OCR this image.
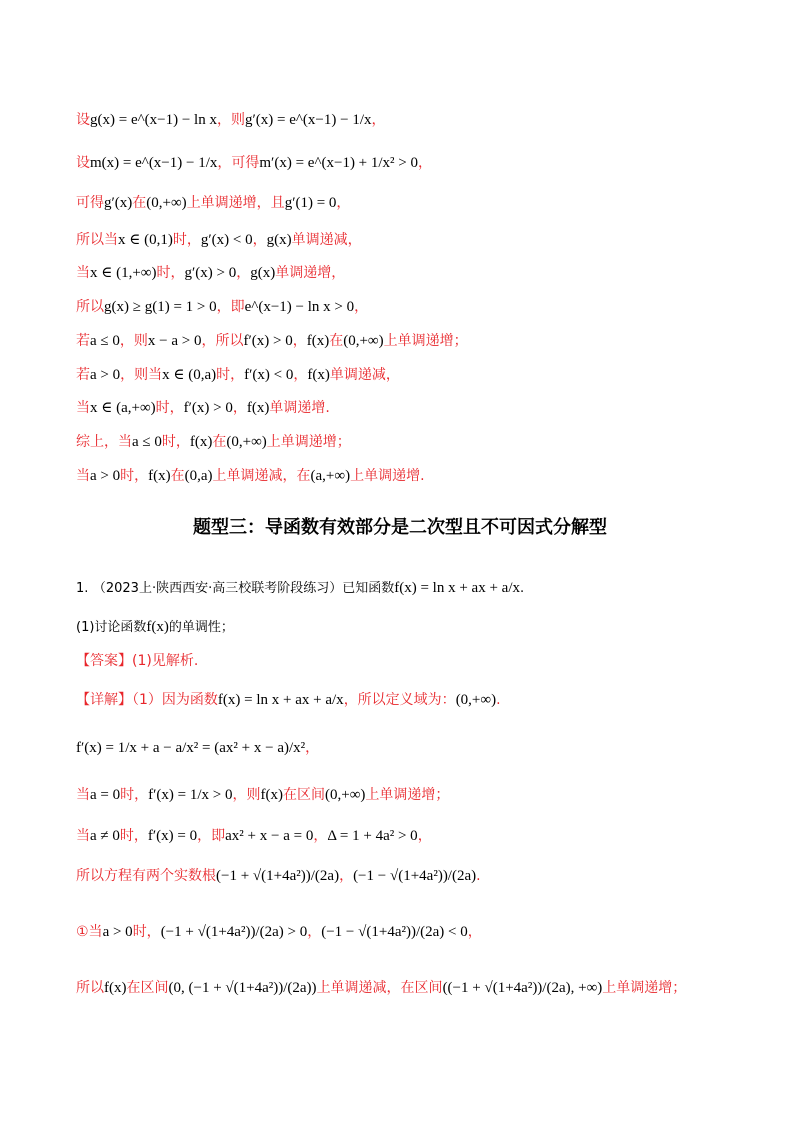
设g(x) = e^(x−1) − ln x，则g′(x) = e^(x−1) − 1/x，
设m(x) = e^(x−1) − 1/x，可得m′(x) = e^(x−1) + 1/x² > 0，
可得g′(x)在(0,+∞)上单调递增，且g′(1) = 0，
所以当x ∈ (0,1)时，g′(x) < 0，g(x)单调递减，
当x ∈ (1,+∞)时，g′(x) > 0，g(x)单调递增，
所以g(x) ≥ g(1) = 1 > 0，即e^(x−1) − ln x > 0，
若a ≤ 0，则x − a > 0，所以f′(x) > 0，f(x)在(0,+∞)上单调递增；
若a > 0，则当x ∈ (0,a)时，f′(x) < 0，f(x)单调递减，
当x ∈ (a,+∞)时，f′(x) > 0，f(x)单调递增.
综上，当a ≤ 0时，f(x)在(0,+∞)上单调递增；
当a > 0时，f(x)在(0,a)上单调递减，在(a,+∞)上单调递增.
题型三：导函数有效部分是二次型且不可因式分解型
1. （2023上·陕西西安·高三校联考阶段练习）已知函数f(x) = ln x + ax + a/x.
(1)讨论函数f(x)的单调性；
【答案】(1)见解析.
【详解】（1）因为函数f(x) = ln x + ax + a/x，所以定义域为：(0,+∞).
f′(x) = 1/x + a − a/x² = (ax² + x − a)/x²，
当a = 0时，f′(x) = 1/x > 0，则f(x)在区间(0,+∞)上单调递增；
当a ≠ 0时，f′(x) = 0，即ax² + x − a = 0，Δ = 1 + 4a² > 0，
所以方程有两个实数根(−1 + √(1+4a²))/(2a)，(−1 − √(1+4a²))/(2a).
①当a > 0时，(−1 + √(1+4a²))/(2a) > 0，(−1 − √(1+4a²))/(2a) < 0，
所以f(x)在区间(0, (−1 + √(1+4a²))/(2a))上单调递减，在区间((−1 + √(1+4a²))/(2a), +∞)上单调递增；
